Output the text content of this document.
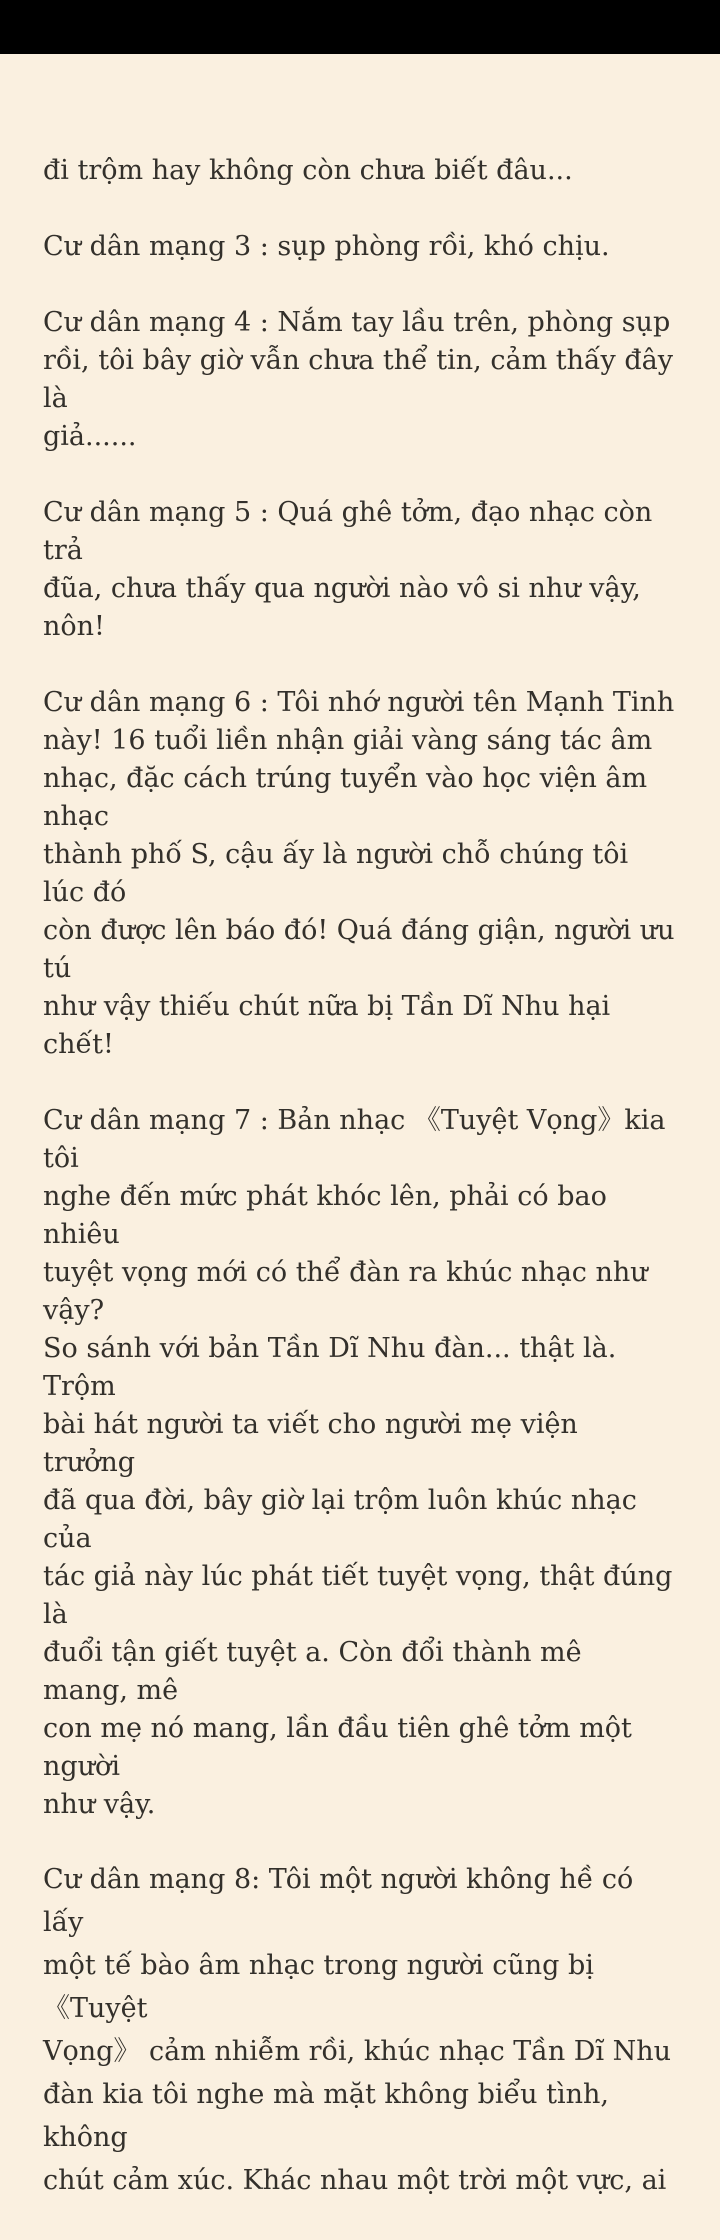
đi trộm hay không còn chưa biết đâu...

Cư dân mạng 3 : sụp phòng rồi, khó chịu.

Cư dân mạng 4 : Nắm tay lầu trên, phòng sụp
rồi, tôi bây giờ vẫn chưa thể tin, cảm thấy đây là
giả......

Cư dân mạng 5 : Quá ghê tởm, đạo nhạc còn trả
đũa, chưa thấy qua người nào vô si như vậy, nôn!

Cư dân mạng 6 : Tôi nhớ người tên Mạnh Tinh
này! 16 tuổi liền nhận giải vàng sáng tác âm
nhạc, đặc cách trúng tuyển vào học viện âm nhạc
thành phố S, cậu ấy là người chỗ chúng tôi lúc đó
còn được lên báo đó! Quá đáng giận, người ưu tú
như vậy thiếu chút nữa bị Tần Dĩ Nhu hại chết!

Cư dân mạng 7 : Bản nhạc 《Tuyệt Vọng》kia tôi
nghe đến mức phát khóc lên, phải có bao nhiêu
tuyệt vọng mới có thể đàn ra khúc nhạc như vậy?
So sánh với bản Tần Dĩ Nhu đàn... thật là. Trộm
bài hát người ta viết cho người mẹ viện trưởng
đã qua đời, bây giờ lại trộm luôn khúc nhạc của
tác giả này lúc phát tiết tuyệt vọng, thật đúng là
đuổi tận giết tuyệt a. Còn đổi thành mê mang, mê
con mẹ nó mang, lần đầu tiên ghê tởm một người
như vậy.

Cư dân mạng 8: Tôi một người không hề có lấy
một tế bào âm nhạc trong người cũng bị 《Tuyệt
Vọng》 cảm nhiễm rồi, khúc nhạc Tần Dĩ Nhu
đàn kia tôi nghe mà mặt không biểu tình, không
chút cảm xúc. Khác nhau một trời một vực, ai
